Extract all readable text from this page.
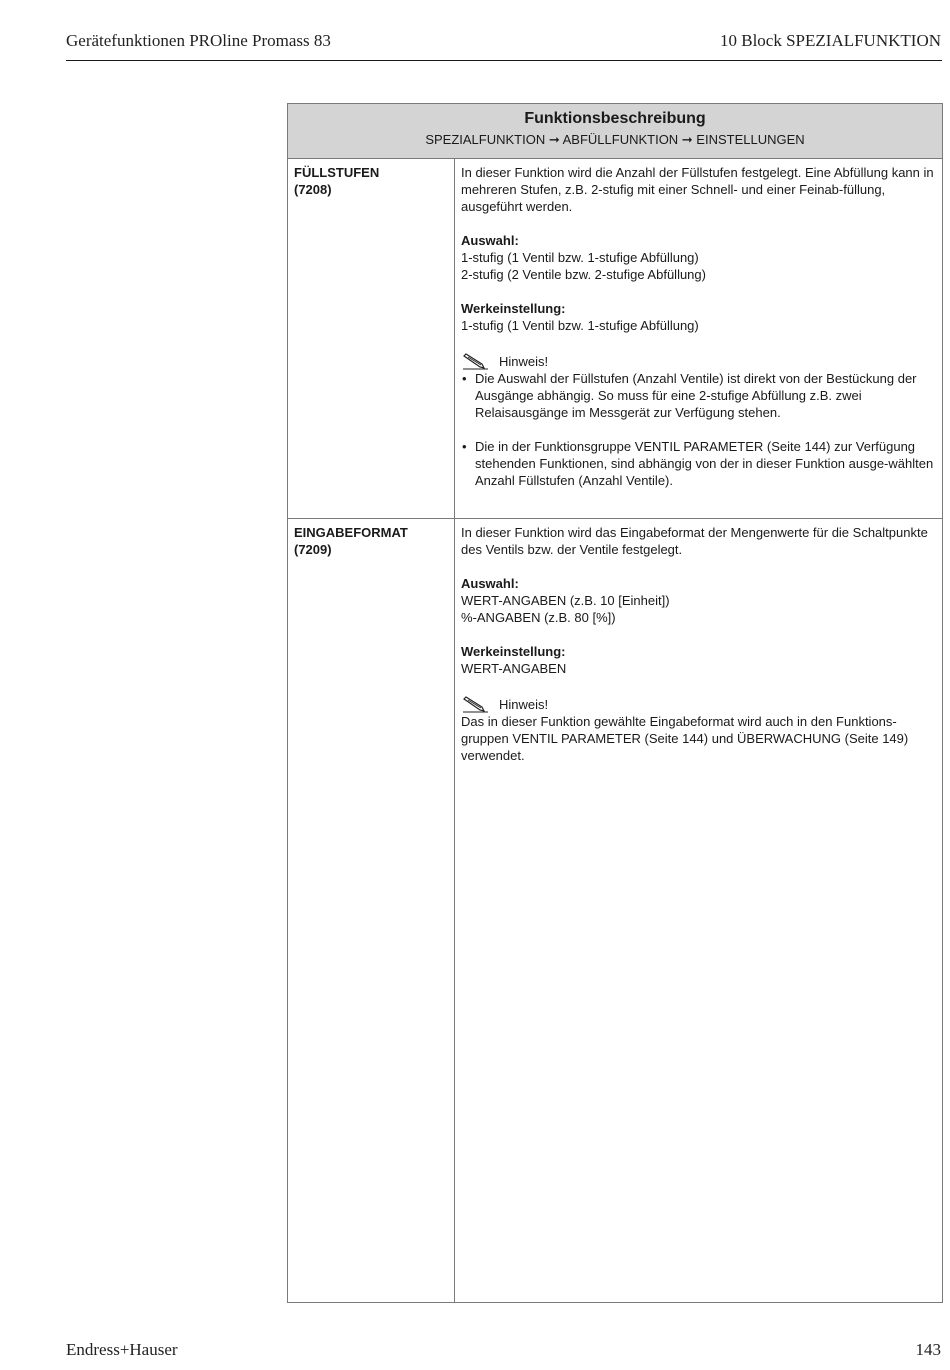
Gerätefunktionen PROline Promass 83	10 Block SPEZIALFUNKTION
Funktionsbeschreibung
SPEZIALFUNKTION ➞ ABFÜLLFUNKTION ➞ EINSTELLUNGEN
FÜLLSTUFEN
(7208)

In dieser Funktion wird die Anzahl der Füllstufen festgelegt. Eine Abfüllung kann in mehreren Stufen, z.B. 2-stufig mit einer Schnell- und einer Feinab-füllung, ausgeführt werden.

Auswahl:
1-stufig (1 Ventil bzw. 1-stufige Abfüllung)
2-stufig (2 Ventile bzw. 2-stufige Abfüllung)
Werkeinstellung:
1-stufig (1 Ventil bzw. 1-stufige Abfüllung)
Hinweis!
• Die Auswahl der Füllstufen (Anzahl Ventile) ist direkt von der Bestückung der Ausgänge abhängig. So muss für eine 2-stufige Abfüllung z.B. zwei Relaisausgänge im Messgerät zur Verfügung stehen.
• Die in der Funktionsgruppe VENTIL PARAMETER (Seite 144) zur Verfügung stehenden Funktionen, sind abhängig von der in dieser Funktion ausge-wählten Anzahl Füllstufen (Anzahl Ventile).
EINGABEFORMAT
(7209)

In dieser Funktion wird das Eingabeformat der Mengenwerte für die Schaltpunkte des Ventils bzw. der Ventile festgelegt.

Auswahl:
WERT-ANGABEN (z.B. 10 [Einheit])
%-ANGABEN (z.B. 80 [%])
Werkeinstellung:
WERT-ANGABEN
Hinweis!

Das in dieser Funktion gewählte Eingabeformat wird auch in den Funktions-gruppen VENTIL PARAMETER (Seite 144) und ÜBERWACHUNG (Seite 149) verwendet.

Endress+Hauser	143
